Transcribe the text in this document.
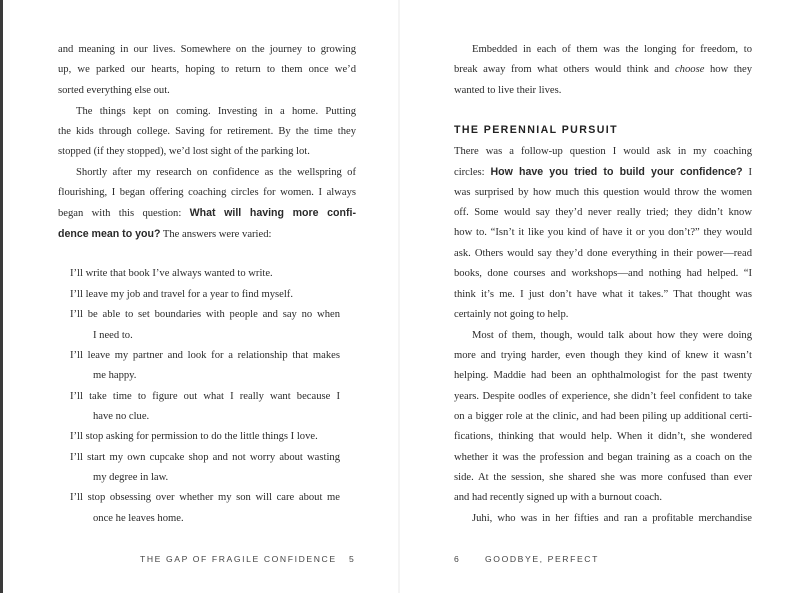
and meaning in our lives. Somewhere on the journey to growing
up, we parked our hearts, hoping to return to them once we’d
sorted everything else out.
The things kept on coming. Investing in a home. Putting
the kids through college. Saving for retirement. By the time they
stopped (if they stopped), we’d lost sight of the parking lot.
Shortly after my research on confidence as the wellspring of
flourishing, I began offering coaching circles for women. I always
began with this question: What will having more confi-
dence mean to you? The answers were varied:
I’ll write that book I’ve always wanted to write.
I’ll leave my job and travel for a year to find myself.
I’ll be able to set boundaries with people and say no when
I need to.
I’ll leave my partner and look for a relationship that makes
me happy.
I’ll take time to figure out what I really want because I
have no clue.
I’ll stop asking for permission to do the little things I love.
I’ll start my own cupcake shop and not worry about wasting
my degree in law.
I’ll stop obsessing over whether my son will care about me
once he leaves home.
THE GAP OF FRAGILE CONFIDENCE 5
Embedded in each of them was the longing for freedom, to
break away from what others would think and choose how they
wanted to live their lives.
THE PERENNIAL PURSUIT
There was a follow-up question I would ask in my coaching
circles: How have you tried to build your confidence? I
was surprised by how much this question would throw the women
off. Some would say they’d never really tried; they didn’t know
how to. “Isn’t it like you kind of have it or you don’t?” they would
ask. Others would say they’d done everything in their power—read
books, done courses and workshops—and nothing had helped. “I
think it’s me. I just don’t have what it takes.” That thought was
certainly not going to help.
Most of them, though, would talk about how they were doing
more and trying harder, even though they kind of knew it wasn’t
helping. Maddie had been an ophthalmologist for the past twenty
years. Despite oodles of experience, she didn’t feel confident to take
on a bigger role at the clinic, and had been piling up additional certi-
fications, thinking that would help. When it didn’t, she wondered
whether it was the profession and began training as a coach on the
side. At the session, she shared she was more confused than ever
and had recently signed up with a burnout coach.
Juhi, who was in her fifties and ran a profitable merchandise
6	GOODBYE, PERFECT
